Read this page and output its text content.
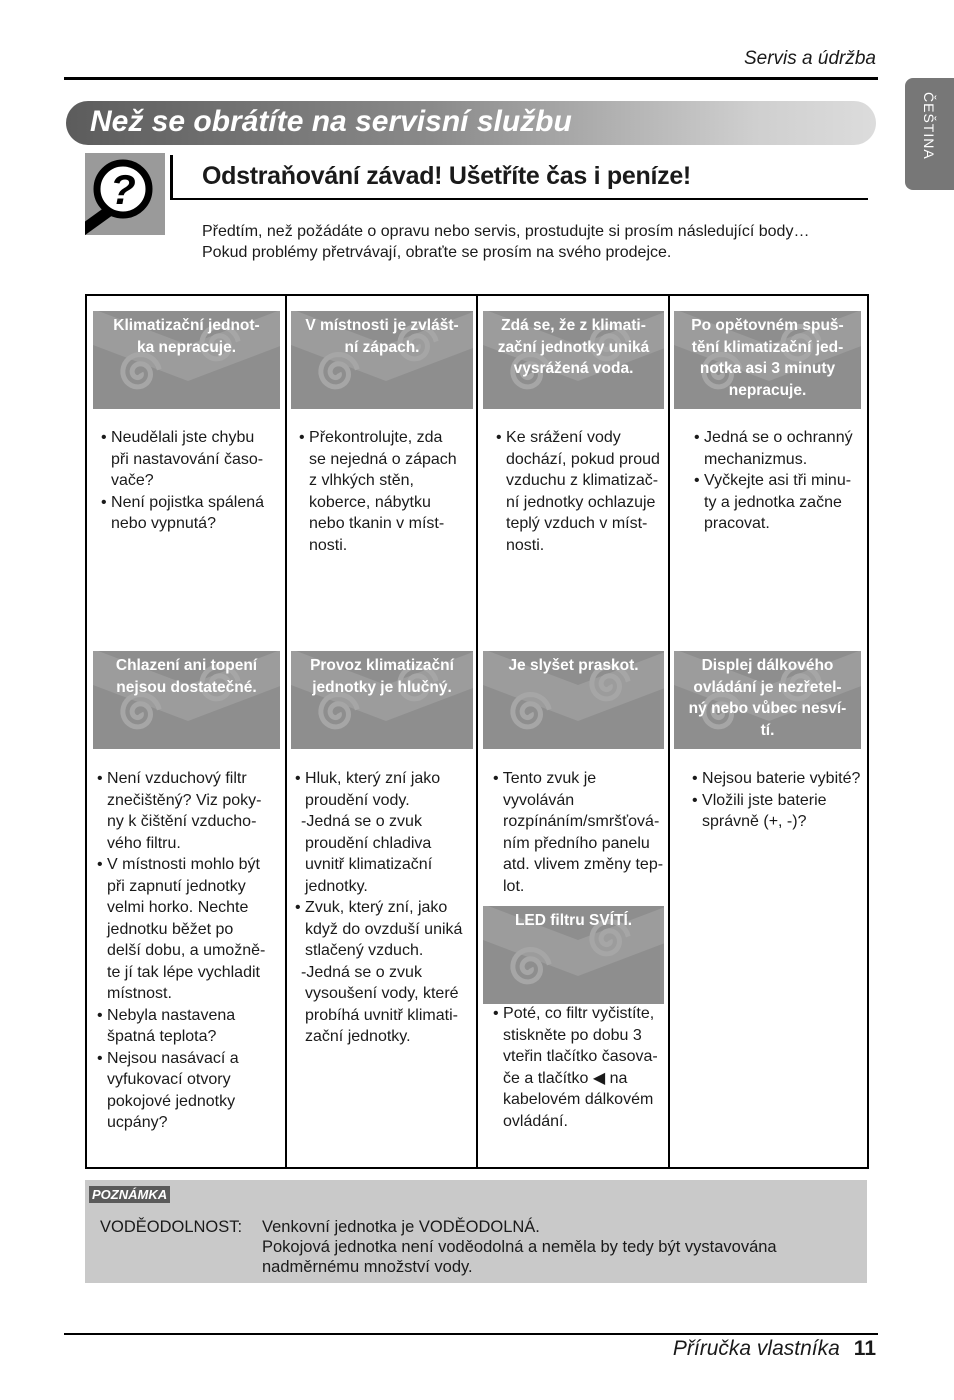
Servis a údržba
ČEŠTINA
Než se obrátíte na servisní službu
?	Odstraňování závad! Ušetříte čas i peníze!
Předtím, než požádáte o opravu nebo servis, prostudujte si prosím následující body…
Pokud problémy přetrvávají, obraťte se prosím na svého prodejce.
Klimatizační jednot-
ka nepracuje.
V místnosti je zvlášt-
ní zápach.
Zdá se, že z klimati-
zační jednotky uniká
vysrážená voda.
Po opětovném spuš-
tění klimatizační jed-
notka asi 3 minuty
nepracuje.
Chlazení ani topení
nejsou dostatečné.
Provoz klimatizační
jednotky je hlučný.
Je slyšet praskot.	Displej dálkového
ovládání je nezřetel-
ný nebo vůbec nesví-
tí.
LED filtru SVÍTÍ.
• Neudělali jste chybu
při nastavování časo-
vače?
• Není pojistka spálená
nebo vypnutá?
• Překontrolujte, zda
se nejedná o zápach
z vlhkých stěn,
koberce, nábytku
nebo tkanin v míst-
nosti.
• Ke srážení vody
dochází, pokud proud
vzduchu z klimatizač-
ní jednotky ochlazuje
teplý vzduch v míst-
nosti.
• Jedná se o ochranný
mechanizmus.
• Vyčkejte asi tři minu-
ty a jednotka začne
pracovat.
• Není vzduchový filtr
znečištěný? Viz poky-
ny k čištění vzducho-
vého filtru.
• V místnosti mohlo být
při zapnutí jednotky
velmi horko. Nechte
jednotku běžet po
delší dobu, a umožně-
te jí tak lépe vychladit
místnost.
• Nebyla nastavena
špatná teplota?
• Nejsou nasávací a
vyfukovací otvory
pokojové jednotky
ucpány?
• Hluk, který zní jako
proudění vody.
-Jedná se o zvuk
proudění chladiva
uvnitř klimatizační
jednotky.
• Zvuk, který zní, jako
když do ovzduší uniká
stlačený vzduch.
-Jedná se o zvuk
vysoušení vody, které
probíhá uvnitř klimati-
zační jednotky.
• Tento zvuk je vyvoláván
rozpínáním/smršťová-
ním předního panelu
atd. vlivem změny tep-
lot.
• Poté, co filtr vyčistíte,
stiskněte po dobu 3
vteřin tlačítko časova-
če a tlačítko ◀ na
kabelovém dálkovém
ovládání.
• Nejsou baterie vybité?
• Vložili jste baterie
správně (+, -)?
POZNÁMKA
VODĚODOLNOST: Venkovní jednotka je VODĚODOLNÁ.
Pokojová jednotka není voděodolná a neměla by tedy být vystavována
nadměrnému množství vody.
Příručka vlastníka 11
